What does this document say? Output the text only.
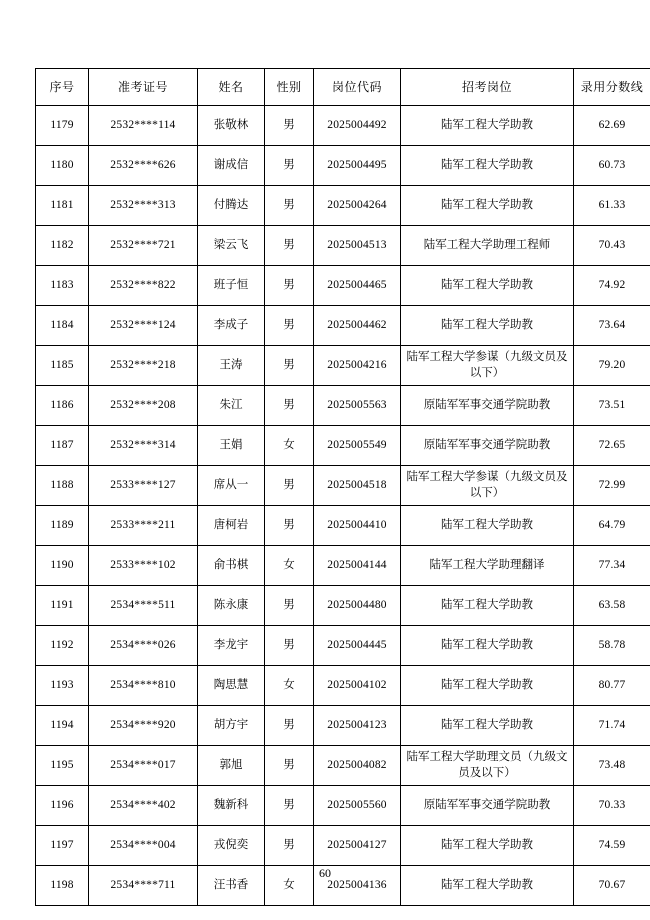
序号	准考证号	姓名	性别	岗位代码	招考岗位	录用分数线
1179	2532****114	张敬林	男	2025004492	陆军工程大学助教	62.69
1180	2532****626	谢成信	男	2025004495	陆军工程大学助教	60.73
1181	2532****313	付腾达	男	2025004264	陆军工程大学助教	61.33
1182	2532****721	梁云飞	男	2025004513	陆军工程大学助理工程师	70.43
1183	2532****822	班子恒	男	2025004465	陆军工程大学助教	74.92
1184	2532****124	李成子	男	2025004462	陆军工程大学助教	73.64
1185	2532****218	王涛	男	2025004216	陆军工程大学参谋（九级文员及以下）	79.20
1186	2532****208	朱江	男	2025005563	原陆军军事交通学院助教	73.51
1187	2532****314	王娟	女	2025005549	原陆军军事交通学院助教	72.65
1188	2533****127	席从一	男	2025004518	陆军工程大学参谋（九级文员及以下）	72.99
1189	2533****211	唐柯岩	男	2025004410	陆军工程大学助教	64.79
1190	2533****102	俞书棋	女	2025004144	陆军工程大学助理翻译	77.34
1191	2534****511	陈永康	男	2025004480	陆军工程大学助教	63.58
1192	2534****026	李龙宇	男	2025004445	陆军工程大学助教	58.78
1193	2534****810	陶思慧	女	2025004102	陆军工程大学助教	80.77
1194	2534****920	胡方宇	男	2025004123	陆军工程大学助教	71.74
1195	2534****017	郭旭	男	2025004082	陆军工程大学助理文员（九级文员及以下）	73.48
1196	2534****402	魏新科	男	2025005560	原陆军军事交通学院助教	70.33
1197	2534****004	戎倪奕	男	2025004127	陆军工程大学助教	74.59
1198	2534****711	汪书香	女	2025004136	陆军工程大学助教	70.67
60
